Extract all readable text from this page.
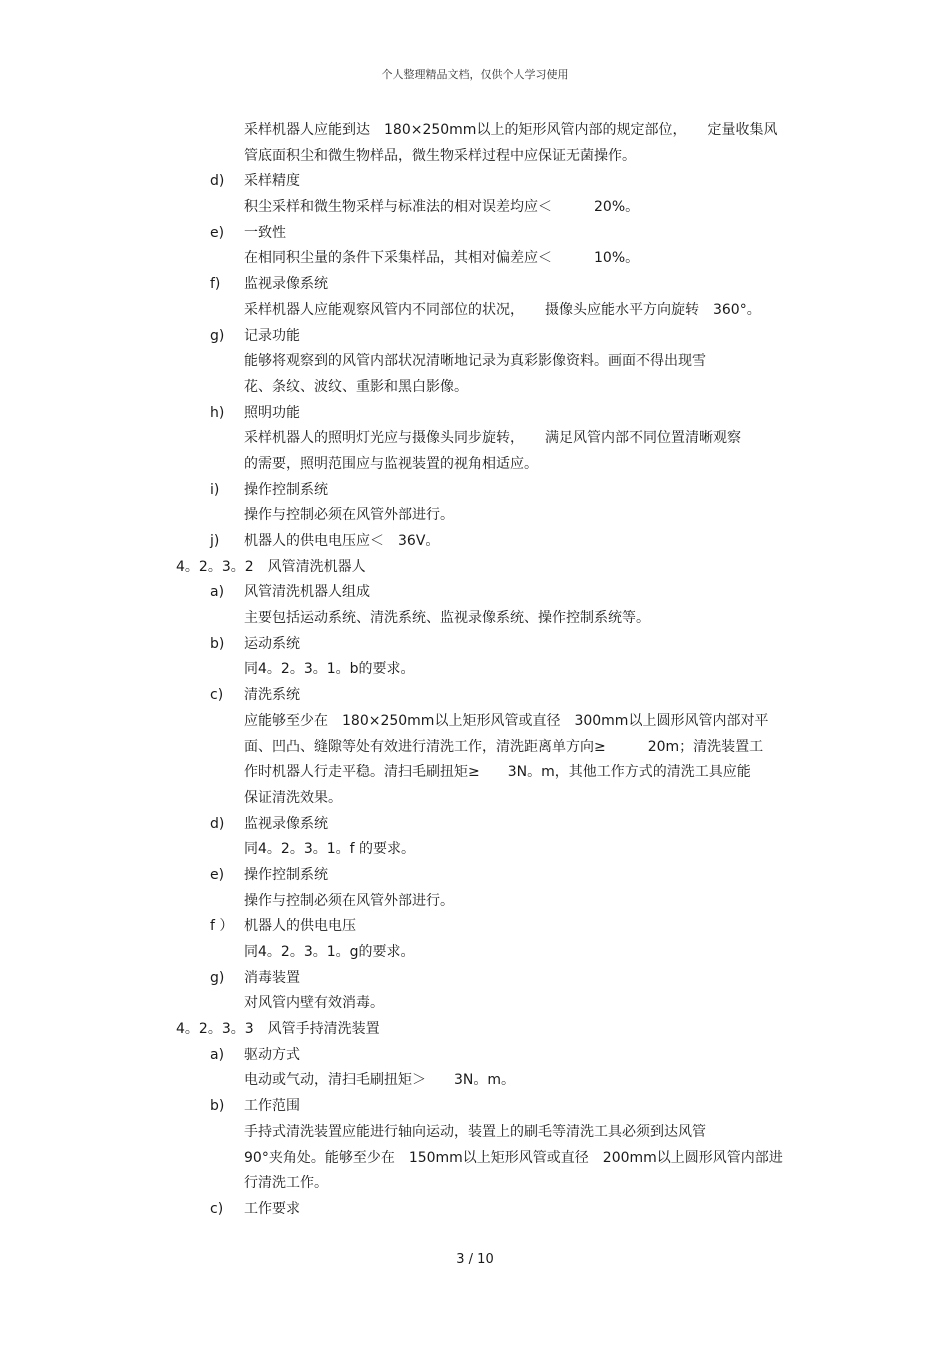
个人整理精品文档，仅供个人学习使用
采样机器人应能到达　180×250mm以上的矩形风管内部的规定部位，　　定量收集风
管底面积尘和微生物样品，微生物采样过程中应保证无菌操作。
d) 采样精度
积尘采样和微生物采样与标准法的相对误差均应＜　　　20%。
e) 一致性
在相同积尘量的条件下采集样品，其相对偏差应＜　　　10%。
f) 监视录像系统
采样机器人应能观察风管内不同部位的状况，　　摄像头应能水平方向旋转　360°。
g) 记录功能
能够将观察到的风管内部状况清晰地记录为真彩影像资料。画面不得出现雪
花、条纹、波纹、重影和黑白影像。
h) 照明功能
采样机器人的照明灯光应与摄像头同步旋转，　　满足风管内部不同位置清晰观察
的需要，照明范围应与监视装置的视角相适应。
i) 操作控制系统
操作与控制必须在风管外部进行。
j) 机器人的供电电压应＜　36V。
4。2。3。2　风管清洗机器人
a) 风管清洗机器人组成
主要包括运动系统、清洗系统、监视录像系统、操作控制系统等。
b) 运动系统
同4。2。3。1。b的要求。
c) 清洗系统
应能够至少在　180×250mm以上矩形风管或直径　300mm以上圆形风管内部对平
面、凹凸、缝隙等处有效进行清洗工作，清洗距离单方向≥　　　20m；清洗装置工
作时机器人行走平稳。清扫毛刷扭矩≥　　3N。m，其他工作方式的清洗工具应能
保证清洗效果。
d) 监视录像系统
同4。2。3。1。f 的要求。
e) 操作控制系统
操作与控制必须在风管外部进行。
f ） 机器人的供电电压
同4。2。3。1。g的要求。
g) 消毒装置
对风管内壁有效消毒。
4。2。3。3　风管手持清洗装置
a) 驱动方式
电动或气动，清扫毛刷扭矩＞　　3N。m。
b) 工作范围
手持式清洗装置应能进行轴向运动，装置上的刷毛等清洗工具必须到达风管
90°夹角处。能够至少在　150mm以上矩形风管或直径　200mm以上圆形风管内部进
行清洗工作。
c) 工作要求
3 / 10
